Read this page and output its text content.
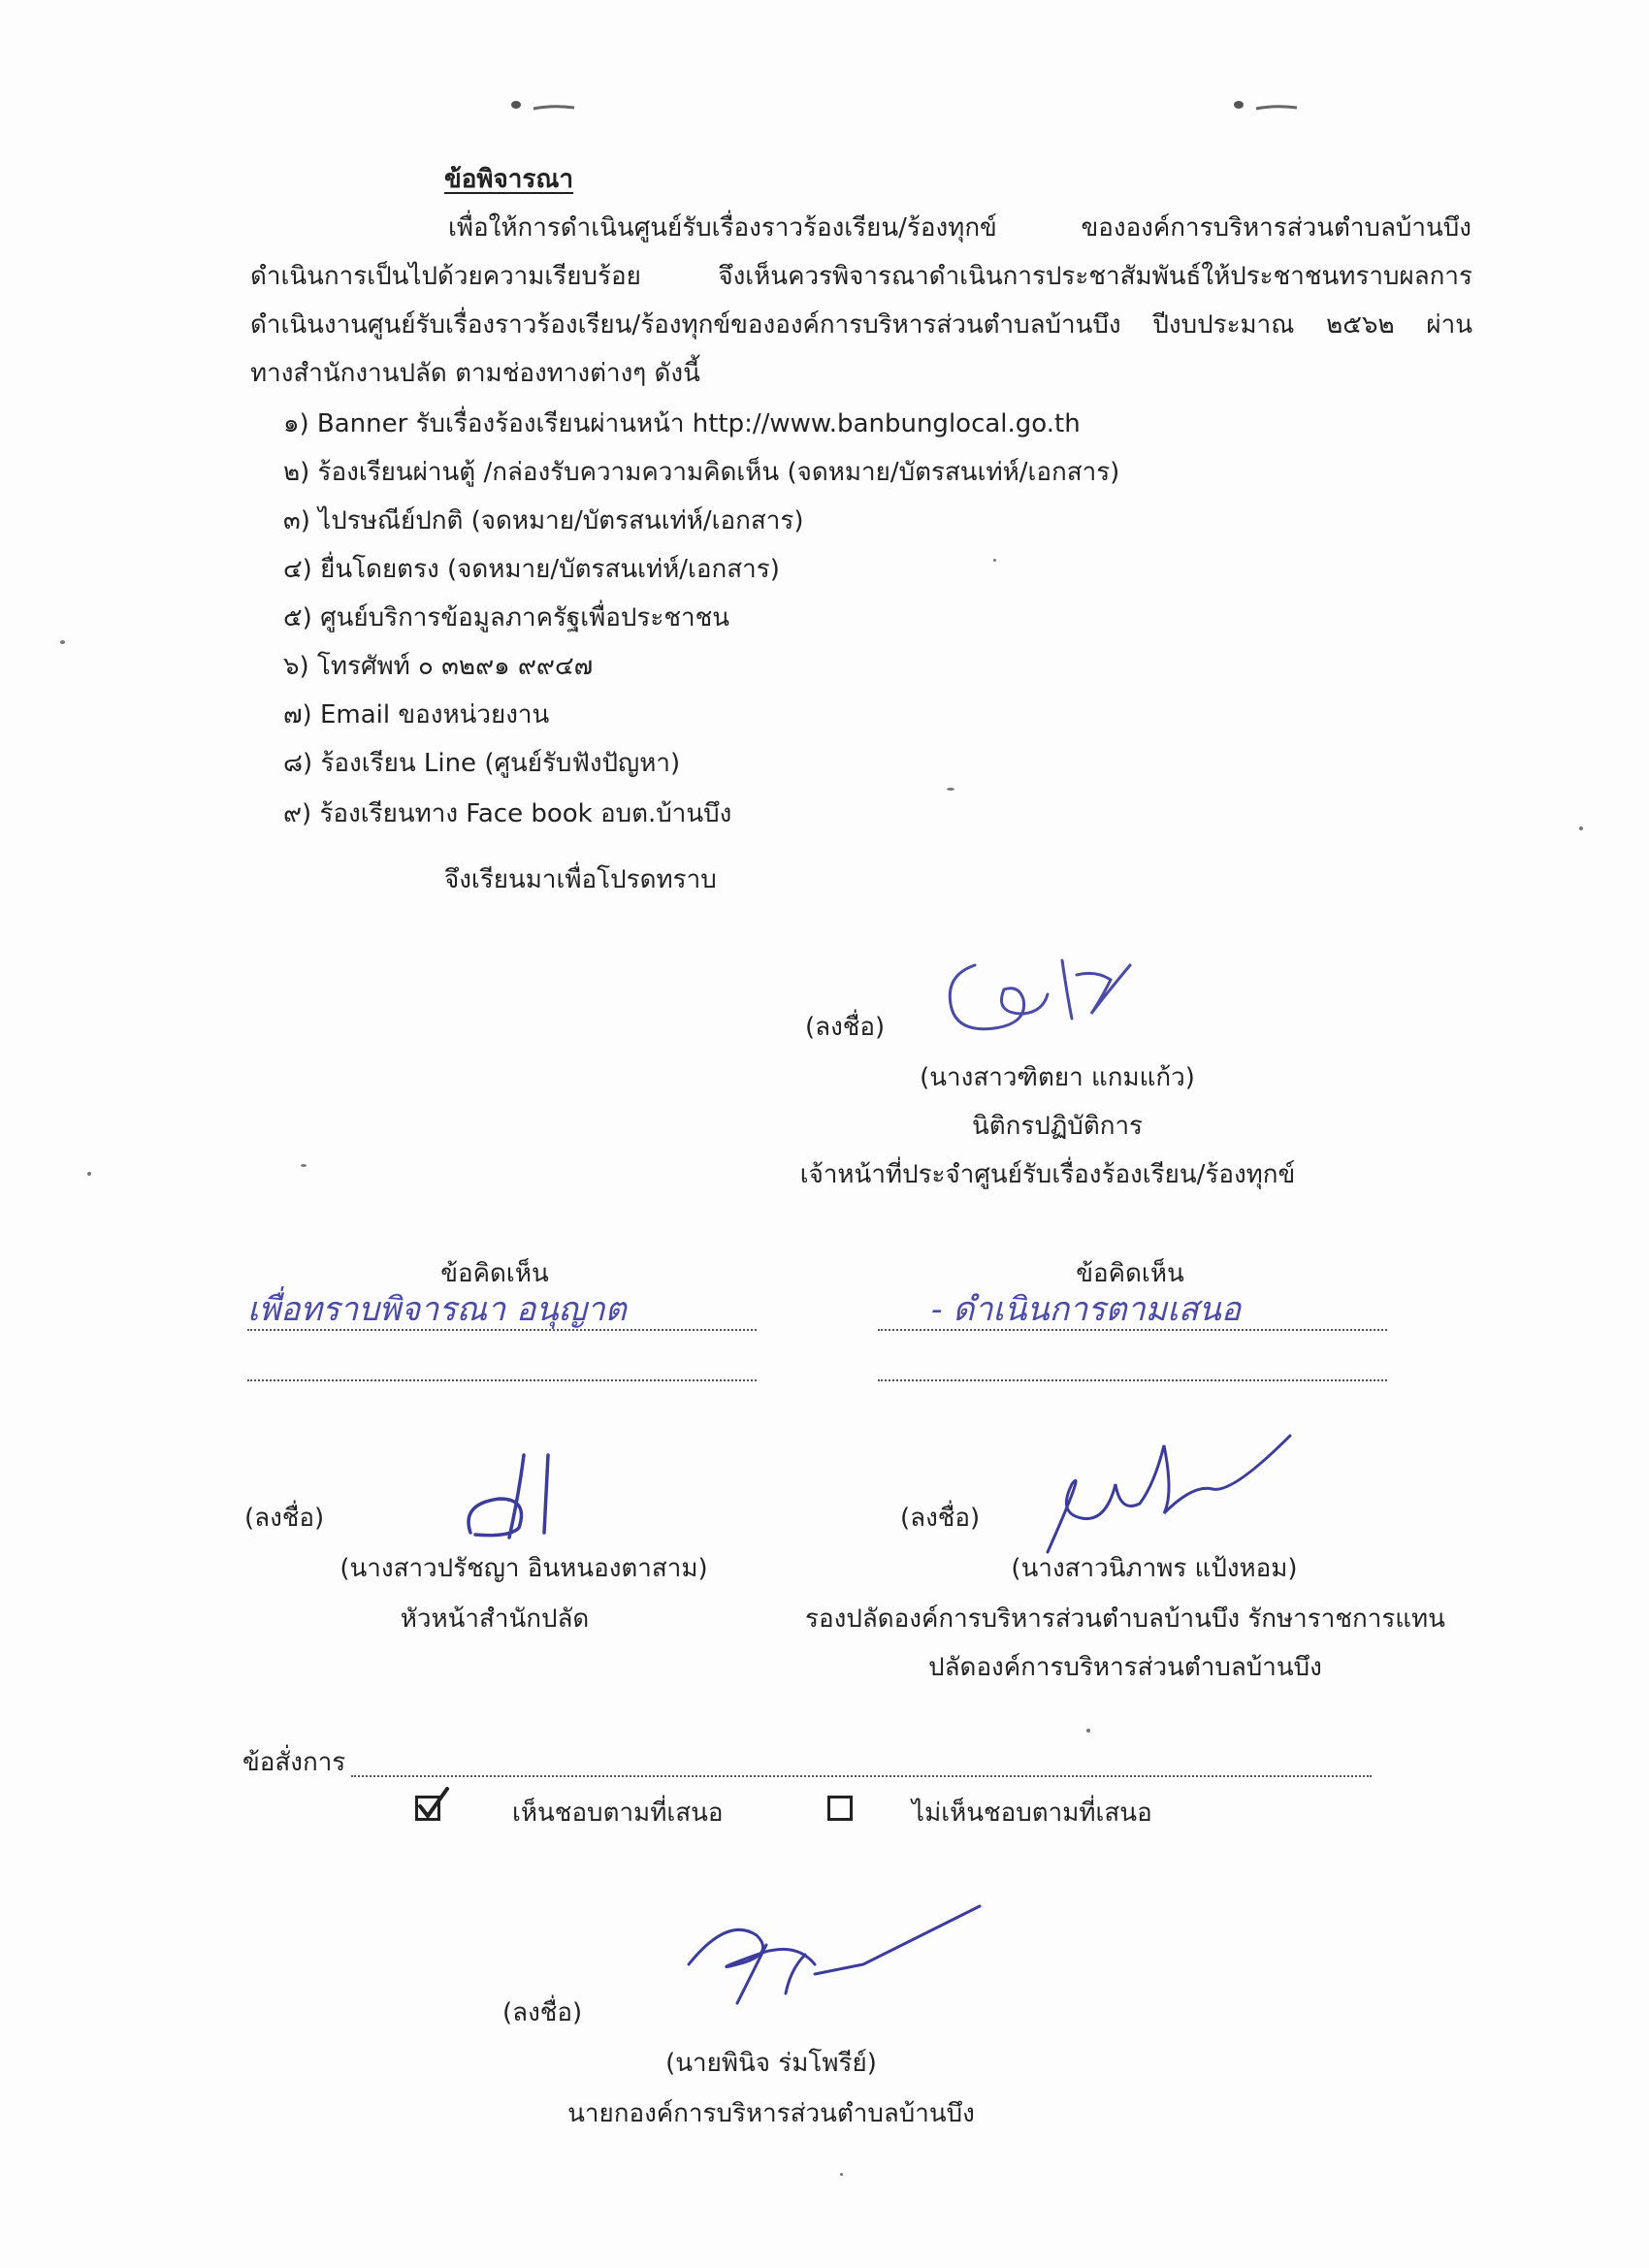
ข้อพิจารณา
เพื่อให้การดำเนินศูนย์รับเรื่องราวร้องเรียน/ร้องทุกข์ ขององค์การบริหารส่วนตำบลบ้านบึง
ดำเนินการเป็นไปด้วยความเรียบร้อย จึงเห็นควรพิจารณาดำเนินการประชาสัมพันธ์ให้ประชาชนทราบผลการ
ดำเนินงานศูนย์รับเรื่องราวร้องเรียน/ร้องทุกข์ขององค์การบริหารส่วนตำบลบ้านบึง ปีงบประมาณ ๒๕๖๒ ผ่าน
ทางสำนักงานปลัด ตามช่องทางต่างๆ ดังนี้
๑) Banner รับเรื่องร้องเรียนผ่านหน้า http://www.banbunglocal.go.th
๒) ร้องเรียนผ่านตู้ /กล่องรับความความคิดเห็น (จดหมาย/บัตรสนเท่ห์/เอกสาร)
๓) ไปรษณีย์ปกติ (จดหมาย/บัตรสนเท่ห์/เอกสาร)
๔) ยื่นโดยตรง (จดหมาย/บัตรสนเท่ห์/เอกสาร)
๕) ศูนย์บริการข้อมูลภาครัฐเพื่อประชาชน
๖) โทรศัพท์ ๐ ๓๒๙๑ ๙๙๔๗
๗) Email ของหน่วยงาน
๘) ร้องเรียน Line (ศูนย์รับฟังปัญหา)
๙) ร้องเรียนทาง Face book อบต.บ้านบึง
จึงเรียนมาเพื่อโปรดทราบ
(ลงชื่อ)
(นางสาวฑิตยา แกมแก้ว)
นิติกรปฏิบัติการ
เจ้าหน้าที่ประจำศูนย์รับเรื่องร้องเรียน/ร้องทุกข์
ข้อคิดเห็น
เพื่อทราบพิจารณา อนุญาต
ข้อคิดเห็น
- ดำเนินการตามเสนอ
(ลงชื่อ)
(นางสาวปรัชญา อินหนองตาสาม)
หัวหน้าสำนักปลัด
(ลงชื่อ)
(นางสาวนิภาพร แป้งหอม)
รองปลัดองค์การบริหารส่วนตำบลบ้านบึง รักษาราชการแทน
ปลัดองค์การบริหารส่วนตำบลบ้านบึง
ข้อสั่งการ
เห็นชอบตามที่เสนอ	ไม่เห็นชอบตามที่เสนอ
(ลงชื่อ)
(นายพินิจ ร่มโพรีย์)
นายกองค์การบริหารส่วนตำบลบ้านบึง
